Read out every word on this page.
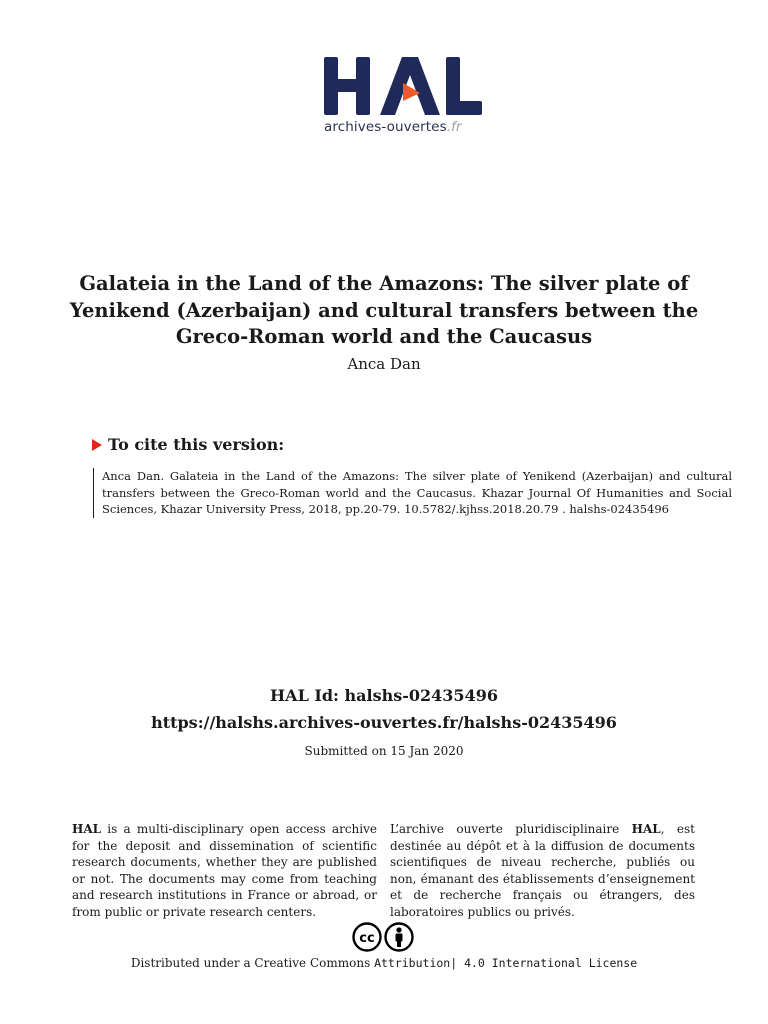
archives-ouvertes.fr
Galateia in the Land of the Amazons: The silver plate of Yenikend (Azerbaijan) and cultural transfers between the Greco-Roman world and the Caucasus
Anca Dan
To cite this version:
Anca Dan. Galateia in the Land of the Amazons: The silver plate of Yenikend (Azerbaijan) and cultural transfers between the Greco-Roman world and the Caucasus. Khazar Journal Of Humanities and Social Sciences, Khazar University Press, 2018, pp.20-79. 10.5782/.kjhss.2018.20.79 . halshs-02435496
HAL Id: halshs-02435496
https://halshs.archives-ouvertes.fr/halshs-02435496
Submitted on 15 Jan 2020
HAL is a multi-disciplinary open access archive for the deposit and dissemination of scientific research documents, whether they are published or not. The documents may come from teaching and research institutions in France or abroad, or from public or private research centers.
L’archive ouverte pluridisciplinaire HAL, est destinée au dépôt et à la diffusion de documents scientifiques de niveau recherche, publiés ou non, émanant des établissements d’enseignement et de recherche français ou étrangers, des laboratoires publics ou privés.
cc
Distributed under a Creative Commons Attribution| 4.0 International License
